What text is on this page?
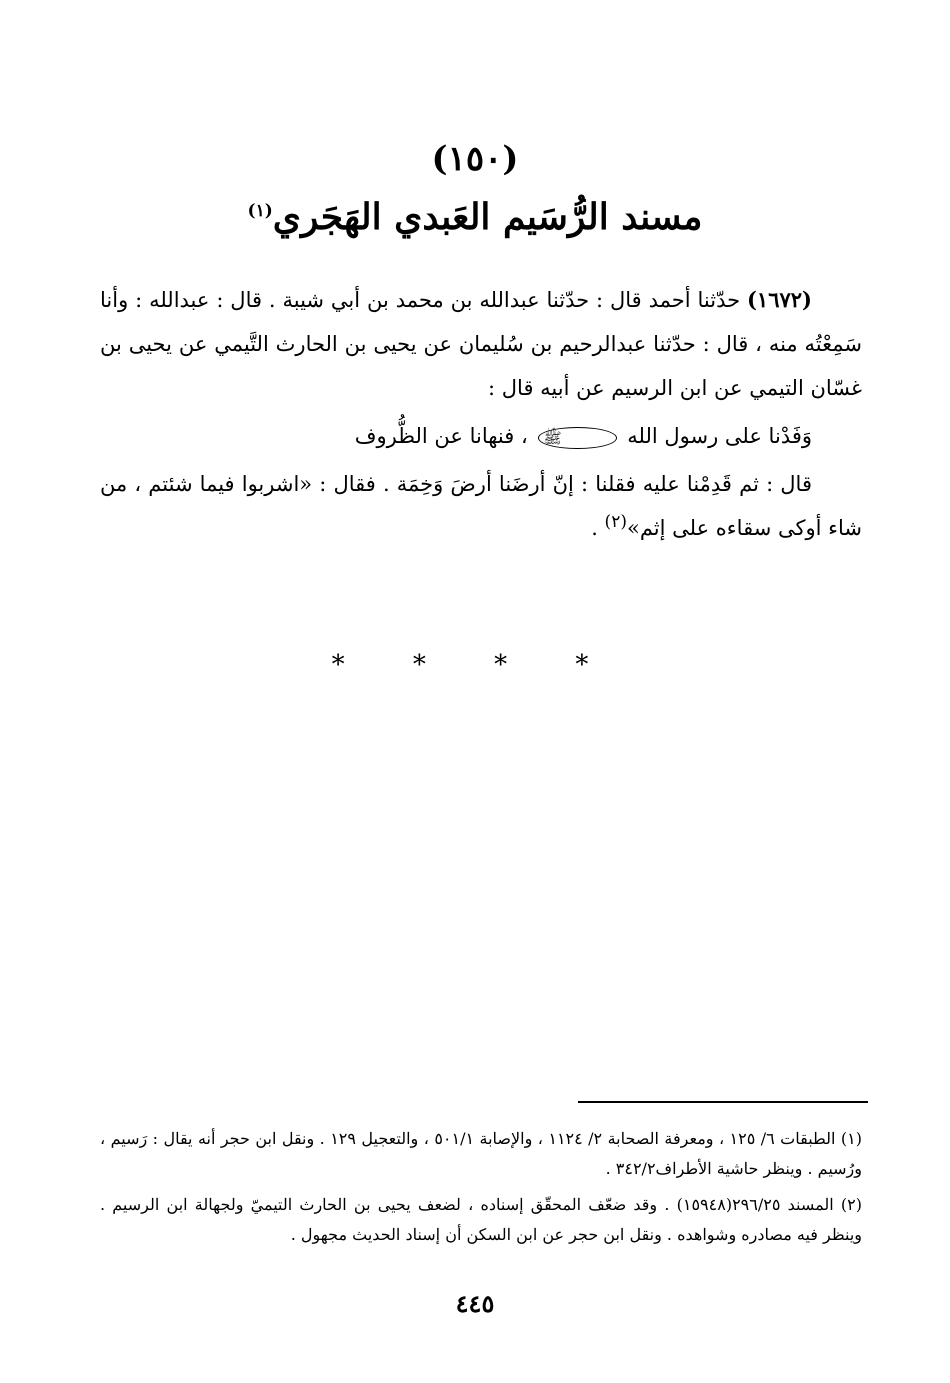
(١٥٠)
مسند الرُّسَيم العَبدي الهَجَري$^{(١)}$

(١٦٧٢) حدّثنا أحمد قال : حدّثنا عبدالله بن محمد بن أبي شيبة . قال : عبدالله : وأنا سَمِعْتُه منه ، قال : حدّثنا عبدالرحيم بن سُليمان عن يحيى بن الحارث التَّيمي عن يحيى بن غسّان التيمي عن ابن الرسيم عن أبيه قال :

وَفَدْنا على رسول الله ﷺ ، فنهانا عن الظُّروف

قال : ثم قَدِمْنا عليه فقلنا : إنّ أرضَنا أرضَ وَخِمَة . فقال : «اشربوا فيما شئتم ، من شاء أوكى سقاءه على إثم»$^{(٢)}$ .

* * * *

(١) الطبقات ٦/ ١٢٥ ، ومعرفة الصحابة ٢/ ١١٢٤ ، والإصابة ٥٠١/١ ، والتعجيل ١٢٩ . ونقل ابن حجر أنه يقال : رَسيم ، ورُسيم . وينظر حاشية الأطراف٣٤٢/٢ .

(٢) المسند ٢٩٦/٢٥(١٥٩٤٨) . وقد ضعّف المحقّق إسناده ، لضعف يحيى بن الحارث التيميّ ولجهالة ابن الرسيم . وينظر فيه مصادره وشواهده . ونقل ابن حجر عن ابن السكن أن إسناد الحديث مجهول .

٤٤٥
